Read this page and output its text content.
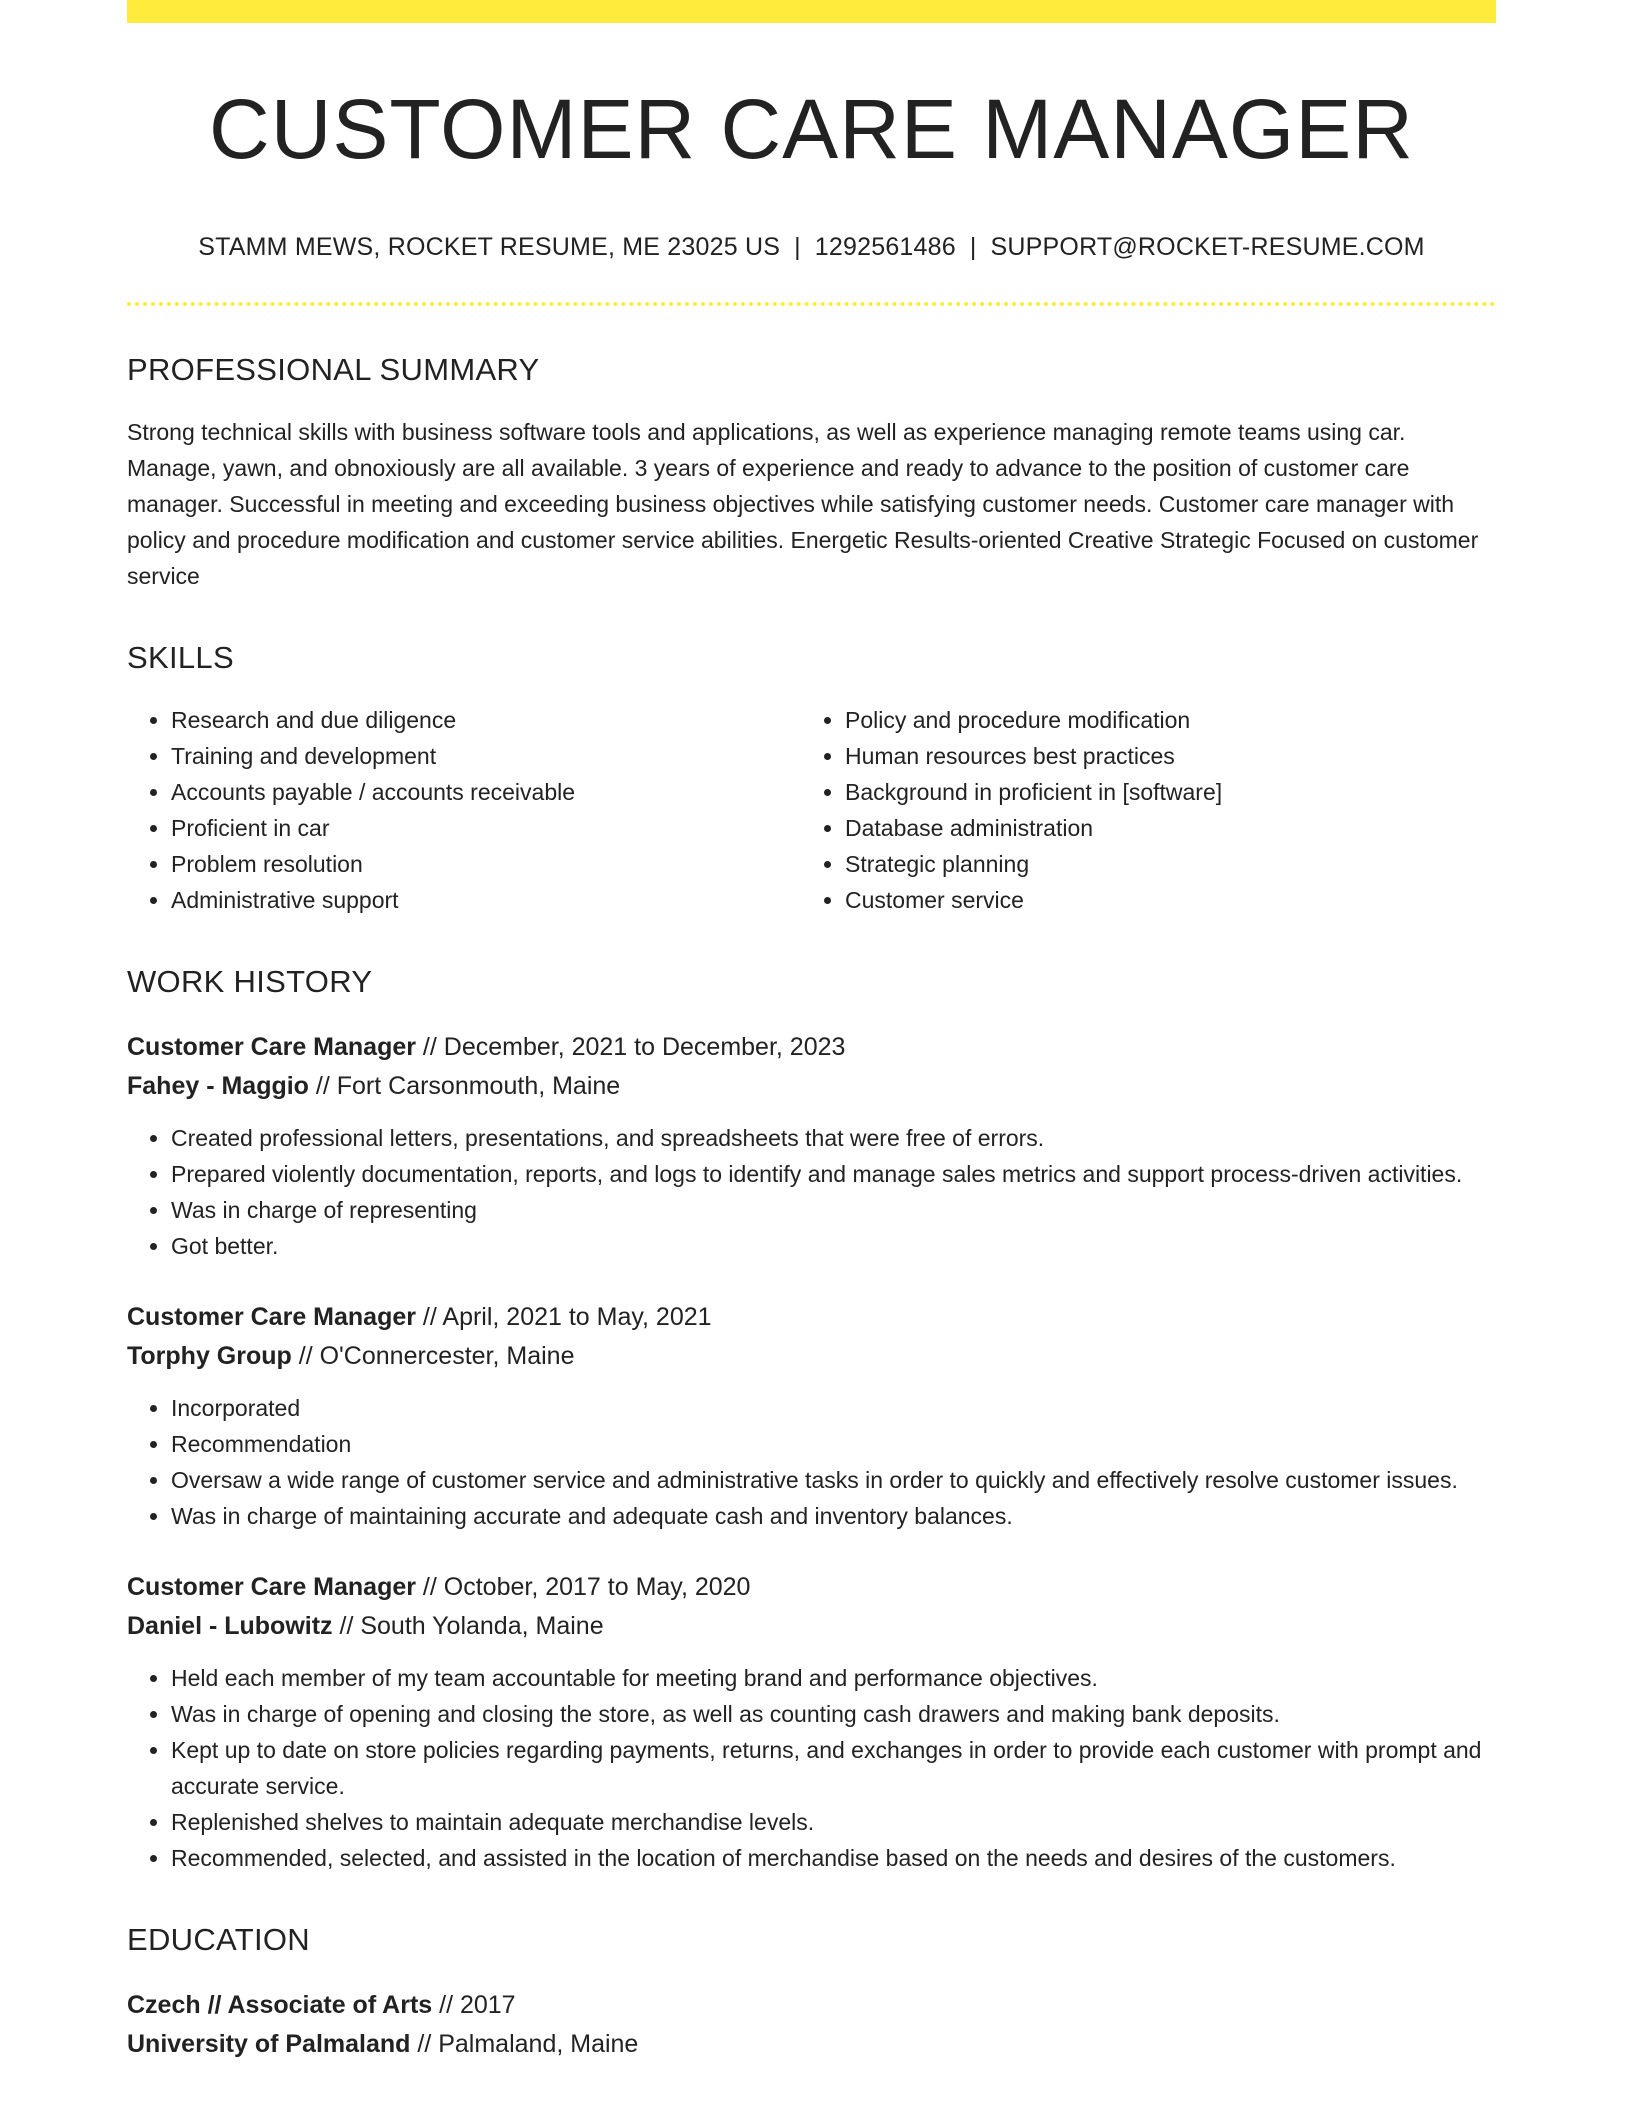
CUSTOMER CARE MANAGER
STAMM MEWS, ROCKET RESUME, ME 23025 US | 1292561486 | SUPPORT@ROCKET-RESUME.COM
PROFESSIONAL SUMMARY
Strong technical skills with business software tools and applications, as well as experience managing remote teams using car. Manage, yawn, and obnoxiously are all available. 3 years of experience and ready to advance to the position of customer care manager. Successful in meeting and exceeding business objectives while satisfying customer needs. Customer care manager with policy and procedure modification and customer service abilities. Energetic Results-oriented Creative Strategic Focused on customer service
SKILLS
• Research and due diligence
• Training and development
• Accounts payable / accounts receivable
• Proficient in car
• Problem resolution
• Administrative support
• Policy and procedure modification
• Human resources best practices
• Background in proficient in [software]
• Database administration
• Strategic planning
• Customer service
WORK HISTORY
Customer Care Manager // December, 2021 to December, 2023
Fahey - Maggio // Fort Carsonmouth, Maine
• Created professional letters, presentations, and spreadsheets that were free of errors.
• Prepared violently documentation, reports, and logs to identify and manage sales metrics and support process-driven activities.
• Was in charge of representing
• Got better.
Customer Care Manager // April, 2021 to May, 2021
Torphy Group // O'Connercester, Maine
• Incorporated
• Recommendation
• Oversaw a wide range of customer service and administrative tasks in order to quickly and effectively resolve customer issues.
• Was in charge of maintaining accurate and adequate cash and inventory balances.
Customer Care Manager // October, 2017 to May, 2020
Daniel - Lubowitz // South Yolanda, Maine
• Held each member of my team accountable for meeting brand and performance objectives.
• Was in charge of opening and closing the store, as well as counting cash drawers and making bank deposits.
• Kept up to date on store policies regarding payments, returns, and exchanges in order to provide each customer with prompt and accurate service.
• Replenished shelves to maintain adequate merchandise levels.
• Recommended, selected, and assisted in the location of merchandise based on the needs and desires of the customers.
EDUCATION
Czech // Associate of Arts // 2017
University of Palmaland // Palmaland, Maine
